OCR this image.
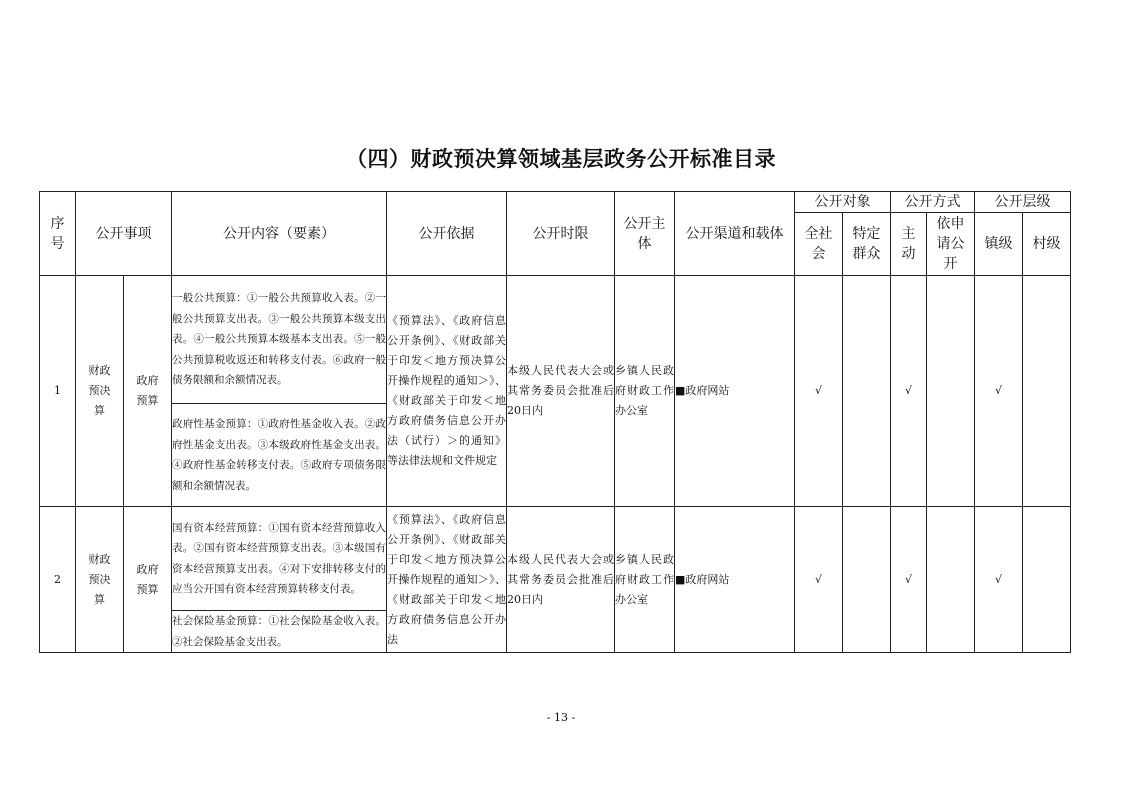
（四）财政预决算领域基层政务公开标准目录
序号	公开事项		公开内容（要素）	公开依据	公开时限	公开主体	公开渠道和载体	公开对象		公开方式		公开层级	

								全社会	特定群众	主动	依申请公开	镇级	村级
1	财政预决算	政府预算	一般公共预算：①一般公共预算收入表。②一般公共预算支出表。③一般公共预算本级支出表。④一般公共预算本级基本支出表。⑤一般公共预算税收返还和转移支付表。⑥政府一般债务限额和余额情况表。	《预算法》、《政府信息公开条例》、《财政部关于印发＜地方预决算公开操作规程的通知＞》、《财政部关于印发＜地方政府债务信息公开办法（试行）＞的通知》等法律法规和文件规定	本级人民代表大会或其常务委员会批准后20日内	乡镇人民政府财政工作办公室	■政府网站	√		√		√	
			政府性基金预算：①政府性基金收入表。②政府性基金支出表。③本级政府性基金支出表。④政府性基金转移支付表。⑤政府专项债务限额和余额情况表。										
2	财政预决算	政府预算	国有资本经营预算：①国有资本经营预算收入表。②国有资本经营预算支出表。③本级国有资本经营预算支出表。④对下安排转移支付的应当公开国有资本经营预算转移支付表。	《预算法》、《政府信息公开条例》、《财政部关于印发＜地方预决算公开操作规程的通知＞》、《财政部关于印发＜地方政府债务信息公开办法	本级人民代表大会或其常务委员会批准后20日内	乡镇人民政府财政工作办公室	■政府网站	√		√		√	
			社会保险基金预算：①社会保险基金收入表。②社会保险基金支出表。										
- 13 -
